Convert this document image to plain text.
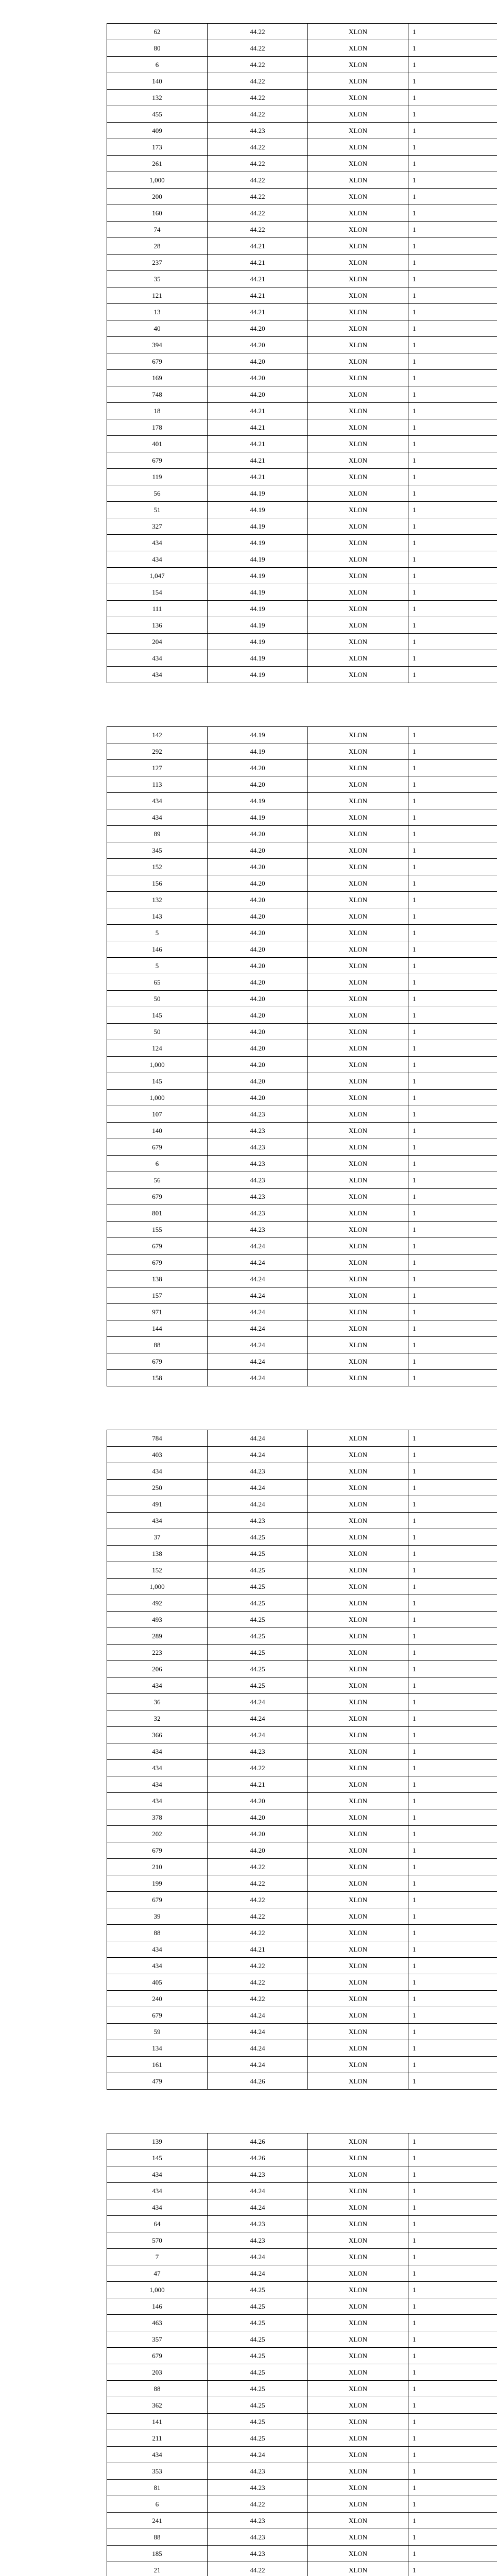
62	44.22	XLON	1
80	44.22	XLON	1
6	44.22	XLON	1
140	44.22	XLON	1
132	44.22	XLON	1
455	44.22	XLON	1
409	44.23	XLON	1
173	44.22	XLON	1
261	44.22	XLON	1
1,000	44.22	XLON	1
200	44.22	XLON	1
160	44.22	XLON	1
74	44.22	XLON	1
28	44.21	XLON	1
237	44.21	XLON	1
35	44.21	XLON	1
121	44.21	XLON	1
13	44.21	XLON	1
40	44.20	XLON	1
394	44.20	XLON	1
679	44.20	XLON	1
169	44.20	XLON	1
748	44.20	XLON	1
18	44.21	XLON	1
178	44.21	XLON	1
401	44.21	XLON	1
679	44.21	XLON	1
119	44.21	XLON	1
56	44.19	XLON	1
51	44.19	XLON	1
327	44.19	XLON	1
434	44.19	XLON	1
434	44.19	XLON	1
1,047	44.19	XLON	1
154	44.19	XLON	1
111	44.19	XLON	1
136	44.19	XLON	1
204	44.19	XLON	1
434	44.19	XLON	1
434	44.19	XLON	1
142	44.19	XLON	1
292	44.19	XLON	1
127	44.20	XLON	1
113	44.20	XLON	1
434	44.19	XLON	1
434	44.19	XLON	1
89	44.20	XLON	1
345	44.20	XLON	1
152	44.20	XLON	1
156	44.20	XLON	1
132	44.20	XLON	1
143	44.20	XLON	1
5	44.20	XLON	1
146	44.20	XLON	1
5	44.20	XLON	1
65	44.20	XLON	1
50	44.20	XLON	1
145	44.20	XLON	1
50	44.20	XLON	1
124	44.20	XLON	1
1,000	44.20	XLON	1
145	44.20	XLON	1
1,000	44.20	XLON	1
107	44.23	XLON	1
140	44.23	XLON	1
679	44.23	XLON	1
6	44.23	XLON	1
56	44.23	XLON	1
679	44.23	XLON	1
801	44.23	XLON	1
155	44.23	XLON	1
679	44.24	XLON	1
679	44.24	XLON	1
138	44.24	XLON	1
157	44.24	XLON	1
971	44.24	XLON	1
144	44.24	XLON	1
88	44.24	XLON	1
679	44.24	XLON	1
158	44.24	XLON	1
784	44.24	XLON	1
403	44.24	XLON	1
434	44.23	XLON	1
250	44.24	XLON	1
491	44.24	XLON	1
434	44.23	XLON	1
37	44.25	XLON	1
138	44.25	XLON	1
152	44.25	XLON	1
1,000	44.25	XLON	1
492	44.25	XLON	1
493	44.25	XLON	1
289	44.25	XLON	1
223	44.25	XLON	1
206	44.25	XLON	1
434	44.25	XLON	1
36	44.24	XLON	1
32	44.24	XLON	1
366	44.24	XLON	1
434	44.23	XLON	1
434	44.22	XLON	1
434	44.21	XLON	1
434	44.20	XLON	1
378	44.20	XLON	1
202	44.20	XLON	1
679	44.20	XLON	1
210	44.22	XLON	1
199	44.22	XLON	1
679	44.22	XLON	1
39	44.22	XLON	1
88	44.22	XLON	1
434	44.21	XLON	1
434	44.22	XLON	1
405	44.22	XLON	1
240	44.22	XLON	1
679	44.24	XLON	1
59	44.24	XLON	1
134	44.24	XLON	1
161	44.24	XLON	1
479	44.26	XLON	1
139	44.26	XLON	1
145	44.26	XLON	1
434	44.23	XLON	1
434	44.24	XLON	1
434	44.24	XLON	1
64	44.23	XLON	1
570	44.23	XLON	1
7	44.24	XLON	1
47	44.24	XLON	1
1,000	44.25	XLON	1
146	44.25	XLON	1
463	44.25	XLON	1
357	44.25	XLON	1
679	44.25	XLON	1
203	44.25	XLON	1
88	44.25	XLON	1
362	44.25	XLON	1
141	44.25	XLON	1
211	44.25	XLON	1
434	44.24	XLON	1
353	44.23	XLON	1
81	44.23	XLON	1
6	44.22	XLON	1
241	44.23	XLON	1
88	44.23	XLON	1
185	44.23	XLON	1
21	44.22	XLON	1
